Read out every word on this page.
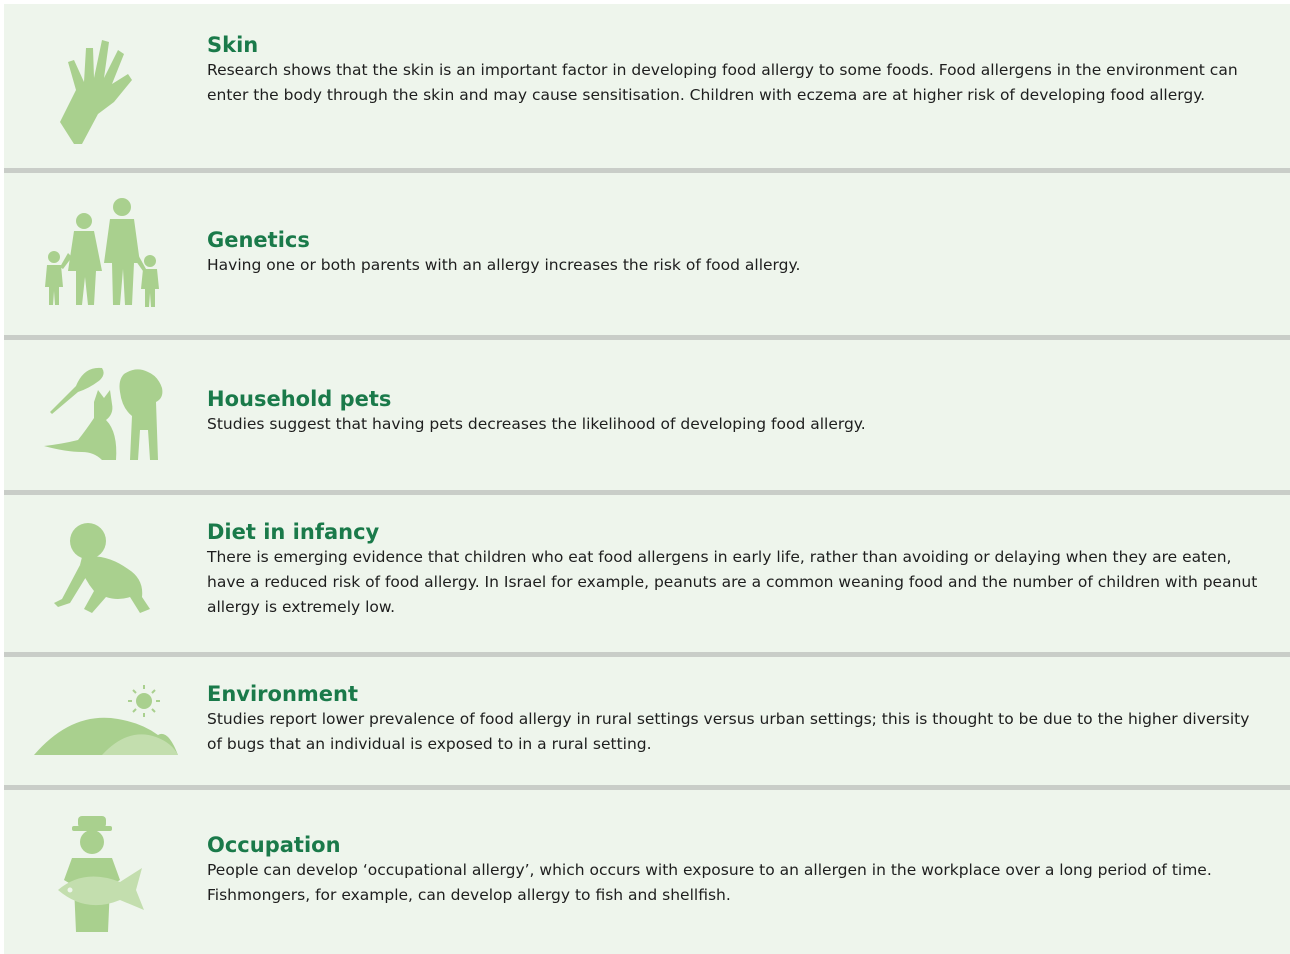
Skin

Research shows that the skin is an important factor in developing food allergy to some foods. Food allergens in the environment can enter the body through the skin and may cause sensitisation. Children with eczema are at higher risk of developing food allergy.

Genetics

Having one or both parents with an allergy increases the risk of food allergy.

Household pets

Studies suggest that having pets decreases the likelihood of developing food allergy.

Diet in infancy

There is emerging evidence that children who eat food allergens in early life, rather than avoiding or delaying when they are eaten, have a reduced risk of food allergy. In Israel for example, peanuts are a common weaning food and the number of children with peanut allergy is extremely low.

Environment

Studies report lower prevalence of food allergy in rural settings versus urban settings; this is thought to be due to the higher diversity of bugs that an individual is exposed to in a rural setting.

Occupation

People can develop ‘occupational allergy’, which occurs with exposure to an allergen in the workplace over a long period of time. Fishmongers, for example, can develop allergy to fish and shellfish.
